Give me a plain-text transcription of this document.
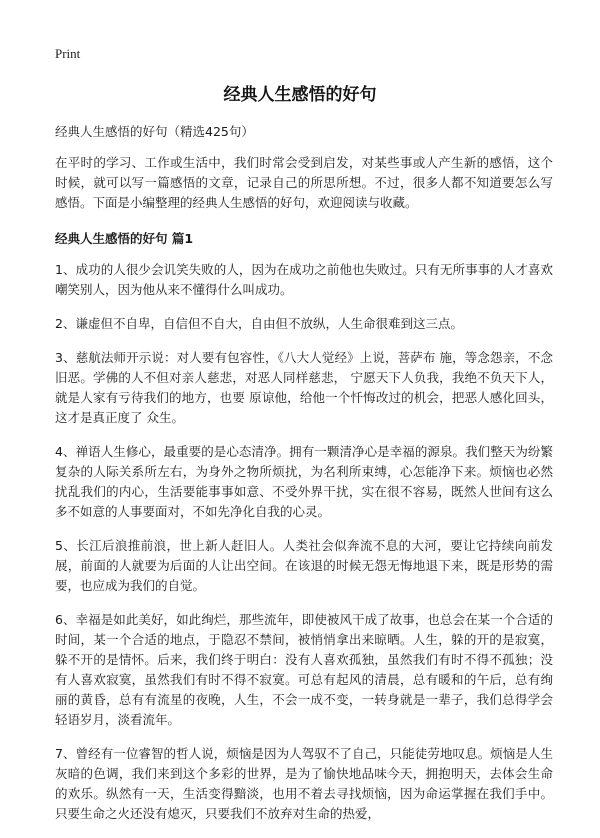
Print
经典人生感悟的好句

经典人生感悟的好句（精选425句）

在平时的学习、工作或生活中，我们时常会受到启发，对某些事或人产生新的感悟，这个时候，就可以写一篇感悟的文章，记录自己的所思所想。不过，很多人都不知道要怎么写感悟。下面是小编整理的经典人生感悟的好句，欢迎阅读与收藏。

经典人生感悟的好句 篇1

1、成功的人很少会讥笑失败的人，因为在成功之前他也失败过。只有无所事事的人才喜欢嘲笑别人，因为他从来不懂得什么叫成功。

2、谦虚但不自卑，自信但不自大，自由但不放纵，人生命很难到这三点。

3、慈航法师开示说：对人要有包容性，《八大人觉经》上说，菩萨布 施，等念怨亲，不念旧恶。学佛的人不但对亲人慈悲，对恶人同样慈悲， 宁愿天下人负我，我绝不负天下人，就是人家有亏待我们的地方，也要 原谅他，给他一个忏悔改过的机会，把恶人感化回头，这才是真正度了 众生。

4、禅语人生修心，最重要的是心态清净。拥有一颗清净心是幸福的源泉。我们整天为纷繁复杂的人际关系所左右，为身外之物所烦扰，为名利所束缚，心怎能净下来。烦恼也必然扰乱我们的内心，生活要能事事如意、不受外界干扰，实在很不容易，既然人世间有这么多不如意的人事要面对，不如先净化自我的心灵。

5、长江后浪推前浪，世上新人赶旧人。人类社会似奔流不息的大河，要让它持续向前发展，前面的人就要为后面的人让出空间。在该退的时候无怨无悔地退下来，既是形势的需要，也应成为我们的自觉。

6、幸福是如此美好，如此绚烂，那些流年，即使被风干成了故事，也总会在某一个合适的时间，某一个合适的地点，于隐忍不禁间，被悄悄拿出来晾晒。人生，躲的开的是寂寞，躲不开的是情怀。后来，我们终于明白：没有人喜欢孤独，虽然我们有时不得不孤独；没有人喜欢寂寞，虽然我们有时不得不寂寞。可总有起风的清晨，总有暖和的午后，总有绚丽的黄昏，总有有流星的夜晚，人生，不会一成不变，一转身就是一辈子，我们总得学会轻语岁月，淡看流年。

7、曾经有一位睿智的哲人说，烦恼是因为人驾驭不了自己，只能徒劳地叹息。烦恼是人生灰暗的色调，我们来到这个多彩的世界，是为了愉快地品味今天，拥抱明天，去体会生命的欢乐。纵然有一天，生活变得黯淡，也用不着去寻找烦恼，因为命运掌握在我们手中。只要生命之火还没有熄灭，只要我们不放弃对生命的热爱，
